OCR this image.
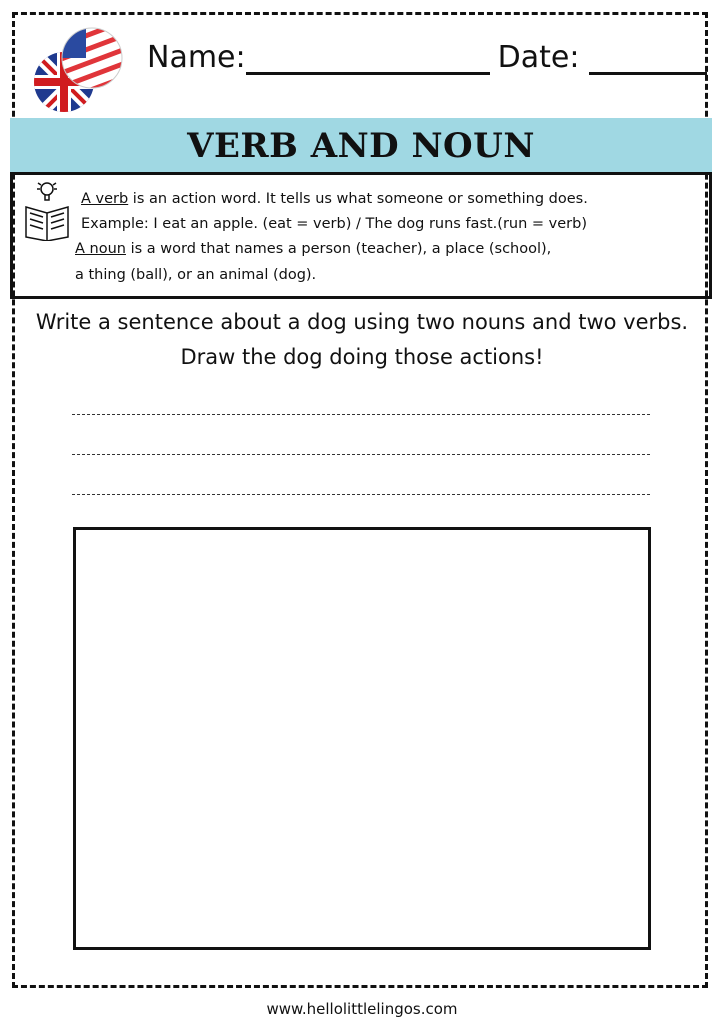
Name:	Date:
VERB AND NOUN

A verb is an action word. It tells us what someone or something does.

Example: I eat an apple. (eat = verb) / The dog runs fast.(run = verb)

A noun is a word that names a person (teacher), a place (school),

a thing (ball), or an animal (dog).

Write a sentence about a dog using two nouns and two verbs.
Draw the dog doing those actions!
www.hellolittlelingos.com
